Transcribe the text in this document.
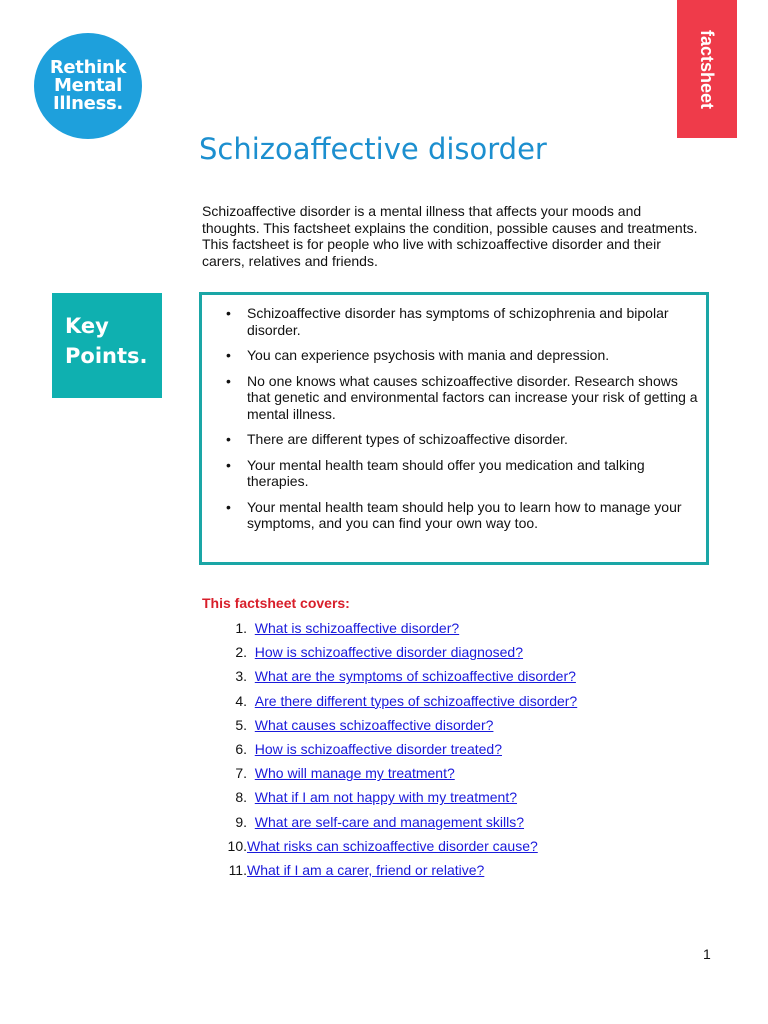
Rethink
Mental
Illness.	factsheet
Schizoaffective disorder

Schizoaffective disorder is a mental illness that affects your moods and thoughts. This factsheet explains the condition, possible causes and treatments. This factsheet is for people who live with schizoaffective disorder and their carers, relatives and friends.

Key
Points.
• Schizoaffective disorder has symptoms of schizophrenia and bipolar disorder.
• You can experience psychosis with mania and depression.
• No one knows what causes schizoaffective disorder. Research shows that genetic and environmental factors can increase your risk of getting a mental illness.
• There are different types of schizoaffective disorder.
• Your mental health team should offer you medication and talking therapies.
• Your mental health team should help you to learn how to manage your symptoms, and you can find your own way too.

This factsheet covers:

1.
What is schizoaffective disorder?
2.
How is schizoaffective disorder diagnosed?
3.
What are the symptoms of schizoaffective disorder?
4.
Are there different types of schizoaffective disorder?
5.
What causes schizoaffective disorder?
6.
How is schizoaffective disorder treated?
7.
Who will manage my treatment?
8.
What if I am not happy with my treatment?
9.
What are self-care and management skills?
10. What risks can schizoaffective disorder cause?
11. What if I am a carer, friend or relative?
1
